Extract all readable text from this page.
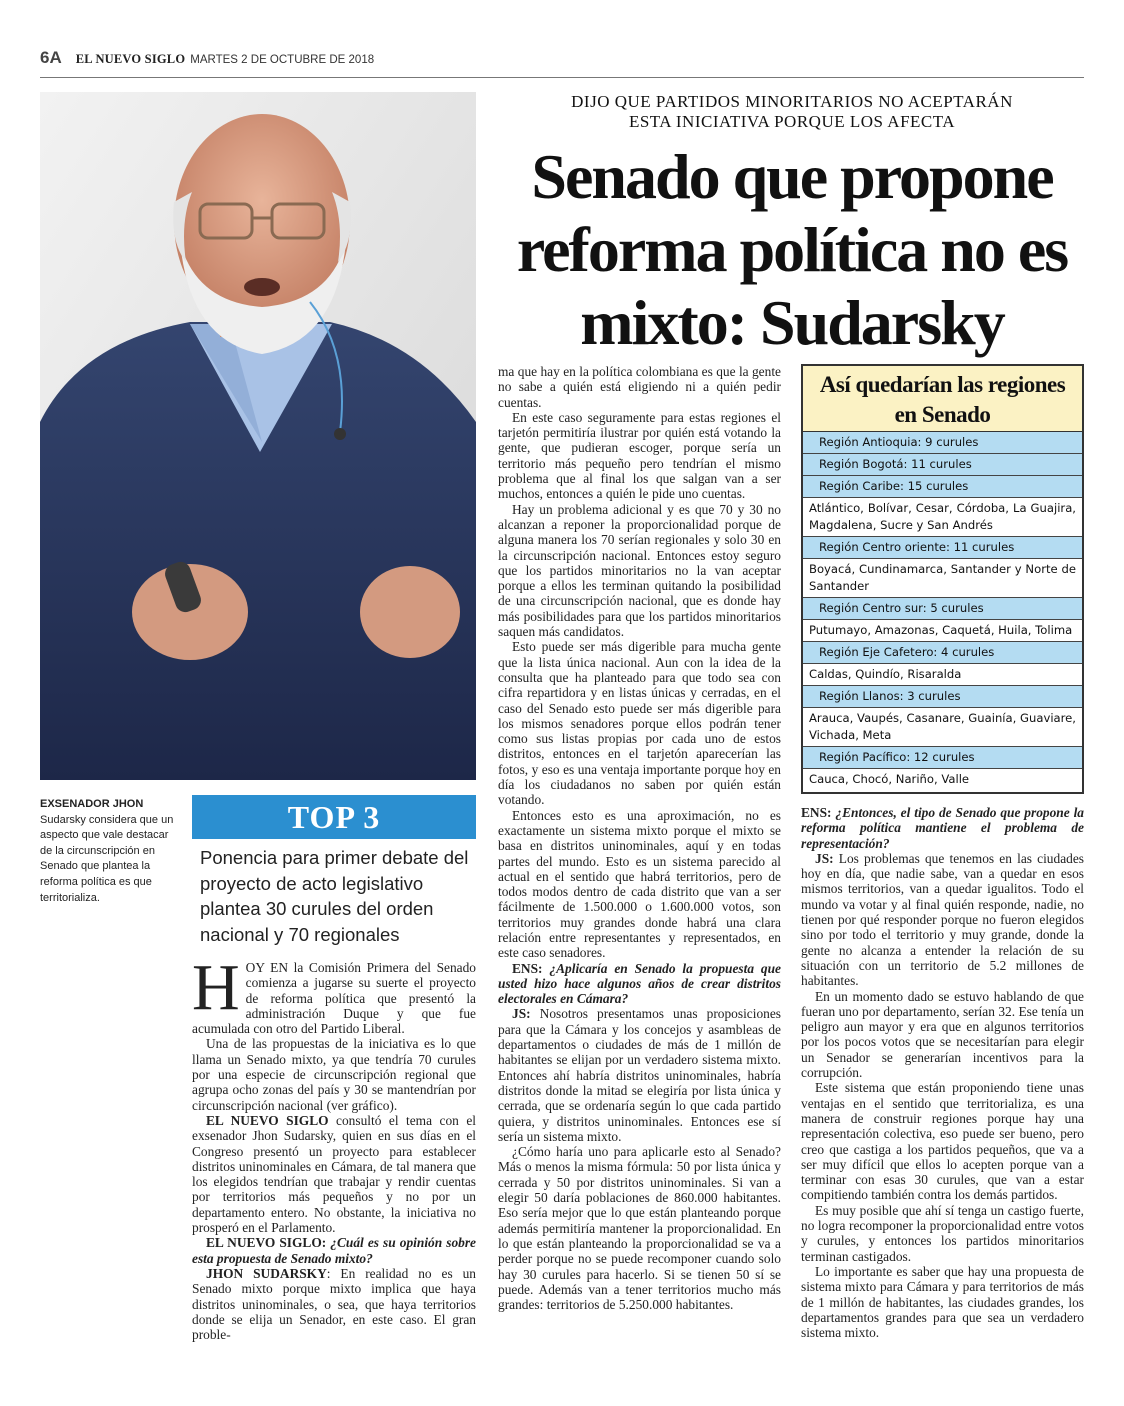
6A EL NUEVO SIGLO MARTES 2 DE OCTUBRE DE 2018
EXSENADOR JHON
Sudarsky considera que un aspecto que vale destacar de la circunscripción en Senado que plantea la reforma política es que territorializa.
DIJO QUE PARTIDOS MINORITARIOS NO ACEPTARÁN
ESTA INICIATIVA PORQUE LOS AFECTA
Senado que propone
reforma política no es
mixto: Sudarsky
TOP 3
Ponencia para primer debate del proyecto de acto legislativo plantea 30 curules del orden nacional y 70 regionales

HOY EN la Comisión Primera del Senado comienza a jugarse su suerte el proyecto de reforma política que presentó la administración Duque y que fue acumulada con otro del Partido Liberal.

Una de las propuestas de la iniciativa es lo que llama un Senado mixto, ya que tendría 70 curules por una especie de circunscripción regional que agrupa ocho zonas del país y 30 se mantendrían por circunscripción nacional (ver gráfico).

EL NUEVO SIGLO consultó el tema con el exsenador Jhon Sudarsky, quien en sus días en el Congreso presentó un proyecto para establecer distritos uninominales en Cámara, de tal manera que los elegidos tendrían que trabajar y rendir cuentas por territorios más pequeños y no por un departamento entero. No obstante, la iniciativa no prosperó en el Parlamento.

EL NUEVO SIGLO: ¿Cuál es su opinión sobre esta propuesta de Senado mixto?

JHON SUDARSKY: En realidad no es un Senado mixto porque mixto implica que haya distritos uninominales, o sea, que haya territorios donde se elija un Senador, en este caso. El gran proble-

ma que hay en la política colombiana es que la gente no sabe a quién está eligiendo ni a quién pedir cuentas.

En este caso seguramente para estas regiones el tarjetón permitiría ilustrar por quién está votando la gente, que pudieran escoger, porque sería un territorio más pequeño pero tendrían el mismo problema que al final los que salgan van a ser muchos, entonces a quién le pide uno cuentas.

Hay un problema adicional y es que 70 y 30 no alcanzan a reponer la proporcionalidad porque de alguna manera los 70 serían regionales y solo 30 en la circunscripción nacional. Entonces estoy seguro que los partidos minoritarios no la van aceptar porque a ellos les terminan quitando la posibilidad de una circunscripción nacional, que es donde hay más posibilidades para que los partidos minoritarios saquen más candidatos.

Esto puede ser más digerible para mucha gente que la lista única nacional. Aun con la idea de la consulta que ha planteado para que todo sea con cifra repartidora y en listas únicas y cerradas, en el caso del Senado esto puede ser más digerible para los mismos senadores porque ellos podrán tener como sus listas propias por cada uno de estos distritos, entonces en el tarjetón aparecerían las fotos, y eso es una ventaja importante porque hoy en día los ciudadanos no saben por quién están votando.

Entonces esto es una aproximación, no es exactamente un sistema mixto porque el mixto se basa en distritos uninominales, aquí y en todas partes del mundo. Esto es un sistema parecido al actual en el sentido que habrá territorios, pero de todos modos dentro de cada distrito que van a ser fácilmente de 1.500.000 o 1.600.000 votos, son territorios muy grandes donde habrá una clara relación entre representantes y representados, en este caso senadores.

ENS: ¿Aplicaría en Senado la propuesta que usted hizo hace algunos años de crear distritos electorales en Cámara?

JS: Nosotros presentamos unas proposiciones para que la Cámara y los concejos y asambleas de departamentos o ciudades de más de 1 millón de habitantes se elijan por un verdadero sistema mixto. Entonces ahí habría distritos uninominales, habría distritos donde la mitad se elegiría por lista única y cerrada, que se ordenaría según lo que cada partido quiera, y distritos uninominales. Entonces ese sí sería un sistema mixto.

¿Cómo haría uno para aplicarle esto al Senado? Más o menos la misma fórmula: 50 por lista única y cerrada y 50 por distritos uninominales. Si van a elegir 50 daría poblaciones de 860.000 habitantes. Eso sería mejor que lo que están planteando porque además permitiría mantener la proporcionalidad. En lo que están planteando la proporcionalidad se va a perder porque no se puede recomponer cuando solo hay 30 curules para hacerlo. Si se tienen 50 sí se puede. Además van a tener territorios mucho más grandes: territorios de 5.250.000 habitantes.

Así quedarían las regiones
en Senado
Región Antioquia: 9 curules
Región Bogotá: 11 curules
Región Caribe: 15 curules
Atlántico, Bolívar, Cesar, Córdoba, La Guajira, Magdalena, Sucre y San Andrés
Región Centro oriente: 11 curules
Boyacá, Cundinamarca, Santander y Norte de Santander
Región Centro sur: 5 curules
Putumayo, Amazonas, Caquetá, Huila, Tolima
Región Eje Cafetero: 4 curules
Caldas, Quindío, Risaralda
Región Llanos: 3 curules
Arauca, Vaupés, Casanare, Guainía, Guaviare, Vichada, Meta
Región Pacífico: 12 curules
Cauca, Chocó, Nariño, Valle

ENS: ¿Entonces, el tipo de Senado que propone la reforma política mantiene el problema de representación?

JS: Los problemas que tenemos en las ciudades hoy en día, que nadie sabe, van a quedar en esos mismos territorios, van a quedar igualitos. Todo el mundo va votar y al final quién responde, nadie, no tienen por qué responder porque no fueron elegidos sino por todo el territorio y muy grande, donde la gente no alcanza a entender la relación de su situación con un territorio de 5.2 millones de habitantes.

En un momento dado se estuvo hablando de que fueran uno por departamento, serían 32. Ese tenía un peligro aun mayor y era que en algunos territorios por los pocos votos que se necesitarían para elegir un Senador se generarían incentivos para la corrupción.

Este sistema que están proponiendo tiene unas ventajas en el sentido que territorializa, es una manera de construir regiones porque hay una representación colectiva, eso puede ser bueno, pero creo que castiga a los partidos pequeños, que va a ser muy difícil que ellos lo acepten porque van a terminar con esas 30 curules, que van a estar compitiendo también contra los demás partidos.

Es muy posible que ahí sí tenga un castigo fuerte, no logra recomponer la proporcionalidad entre votos y curules, y entonces los partidos minoritarios terminan castigados.

Lo importante es saber que hay una propuesta de sistema mixto para Cámara y para territorios de más de 1 millón de habitantes, las ciudades grandes, los departamentos grandes para que sea un verdadero sistema mixto.
